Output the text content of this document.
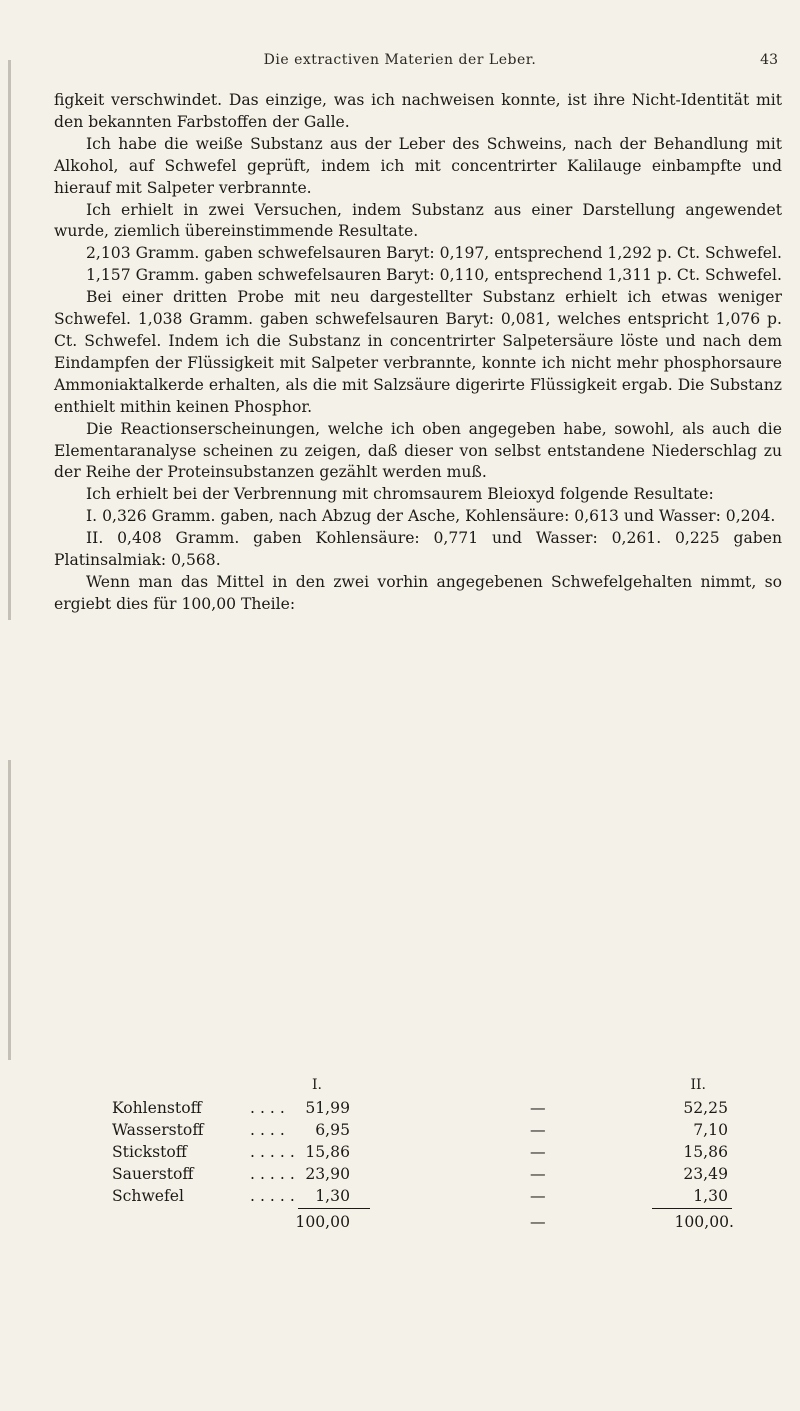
Die extractiven Materien der Leber.	43

figkeit verschwindet. Das einzige, was ich nachweisen konnte, ist ihre Nicht-Identität mit den bekannten Farbstoffen der Galle.

Ich habe die weiße Substanz aus der Leber des Schweins, nach der Behandlung mit Alkohol, auf Schwefel geprüft, indem ich mit concentrirter Kalilauge einbampfte und hierauf mit Salpeter verbrannte.

Ich erhielt in zwei Versuchen, indem Substanz aus einer Darstellung angewendet wurde, ziemlich übereinstimmende Resultate.

2,103 Gramm. gaben schwefelsauren Baryt: 0,197, entsprechend 1,292 p. Ct. Schwefel.

1,157 Gramm. gaben schwefelsauren Baryt: 0,110, entsprechend 1,311 p. Ct. Schwefel.

Bei einer dritten Probe mit neu dargestellter Substanz erhielt ich etwas weniger Schwefel. 1,038 Gramm. gaben schwefelsauren Baryt: 0,081, welches entspricht 1,076 p. Ct. Schwefel. Indem ich die Substanz in concentrirter Salpetersäure löste und nach dem Eindampfen der Flüssigkeit mit Salpeter verbrannte, konnte ich nicht mehr phosphorsaure Ammoniaktalkerde erhalten, als die mit Salzsäure digerirte Flüssigkeit ergab. Die Substanz enthielt mithin keinen Phosphor.

Die Reactionserscheinungen, welche ich oben angegeben habe, sowohl, als auch die Elementaranalyse scheinen zu zeigen, daß dieser von selbst entstandene Niederschlag zu der Reihe der Proteinsubstanzen gezählt werden muß.

Ich erhielt bei der Verbrennung mit chromsaurem Bleioxyd folgende Resultate:

I. 0,326 Gramm. gaben, nach Abzug der Asche, Kohlensäure: 0,613 und Wasser: 0,204.

II. 0,408 Gramm. gaben Kohlensäure: 0,771 und Wasser: 0,261. 0,225 gaben Platinsalmiak: 0,568.

Wenn man das Mittel in den zwei vorhin angegebenen Schwefelgehalten nimmt, so ergiebt dies für 100,00 Theile:

I.	II.
Kohlenstoff	.... 51,99	—	52,25
Wasserstoff	.... 6,95	—	7,10
Stickstoff	..... 15,86	—	15,86
Sauerstoff	..... 23,90	—	23,49
Schwefel	..... 1,30	—	1,30
100,00	—	100,00.
